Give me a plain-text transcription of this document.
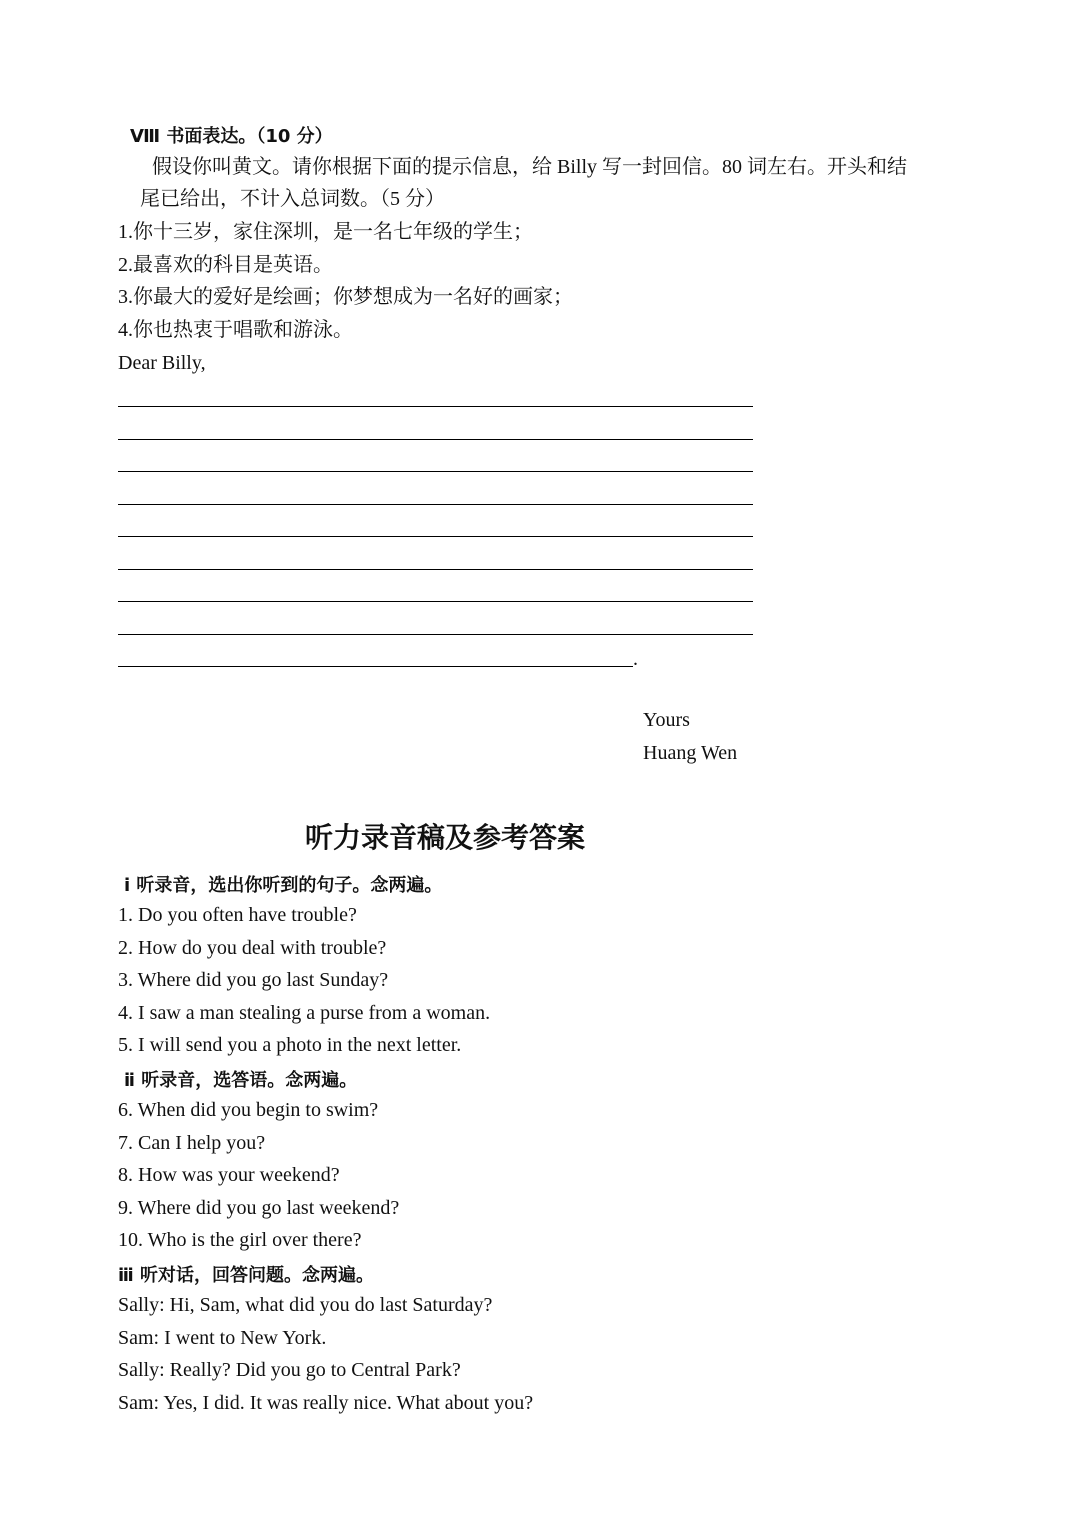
Ⅷ 书面表达。（10 分）
假设你叫黄文。请你根据下面的提示信息，给 Billy 写一封回信。80 词左右。开头和结
尾已给出，不计入总词数。（5 分）
1.你十三岁，家住深圳，是一名七年级的学生；
2.最喜欢的科目是英语。
3.你最大的爱好是绘画；你梦想成为一名好的画家；
4.你也热衷于唱歌和游泳。
Dear Billy,
.
Yours
Huang Wen
听力录音稿及参考答案
ⅰ 听录音，选出你听到的句子。念两遍。
1. Do you often have trouble?
2. How do you deal with trouble?
3. Where did you go last Sunday?
4. I saw a man stealing a purse from a woman.
5. I will send you a photo in the next letter.
ⅱ 听录音，选答语。念两遍。
6. When did you begin to swim?
7. Can I help you?
8. How was your weekend?
9. Where did you go last weekend?
10. Who is the girl over there?
ⅲ 听对话，回答问题。念两遍。
Sally: Hi, Sam, what did you do last Saturday?
Sam: I went to New York.
Sally: Really? Did you go to Central Park?
Sam: Yes, I did. It was really nice. What about you?
